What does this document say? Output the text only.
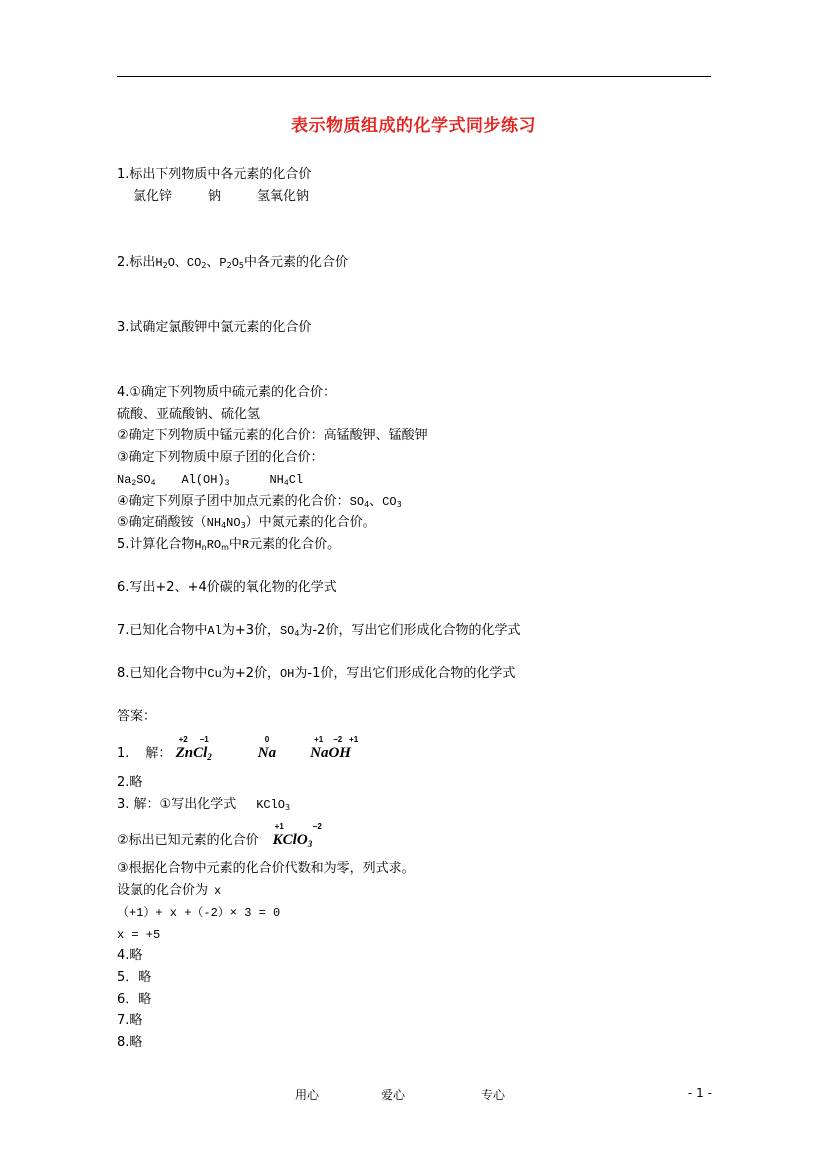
表示物质组成的化学式同步练习
1.标出下列物质中各元素的化合价
氯化锌	钠	氢氧化钠
2.标出$H_2O$、$CO_2$、$P_2O_5$中各元素的化合价
3.试确定氯酸钾中氯元素的化合价
4.①确定下列物质中硫元素的化合价：
硫酸、亚硫酸钠、硫化氢
②确定下列物质中锰元素的化合价：高锰酸钾、锰酸钾
③确定下列物质中原子团的化合价：
$Na_2SO_4$ $Al(OH)_3$	$NH_4Cl$
④确定下列原子团中加点元素的化合价：$SO_4$、$CO_3$
⑤确定硝酸铵$(NH_4NO_3)$中氮元素的化合价。
5.计算化合物$H_nRO_m$中R元素的化合价。
6.写出+2、+4价碳的氧化物的化学式
7.已知化合物中Al为+3价，$SO_4$为-2价，写出它们形成化合物的化学式
8.已知化合物中Cu为+2价，OH为-1价，写出它们形成化合物的化学式
答案：
1. 解：
+2 −1
ZnCl$_2$
0
Na
+1 −2 +1
NaOH
2.略
3. 解：①写出化学式 KClO$_3$
②标出已知元素的化合价
+1	−2
KClO$_3$
③根据化合物中元素的化合价代数和为零，列式求。
设氯的化合价为 x
（+1）+ x +（-2）× 3 = 0
x = +5
4.略
5．略
6．略
7.略
8.略
用心	爱心	专心	- 1 -
